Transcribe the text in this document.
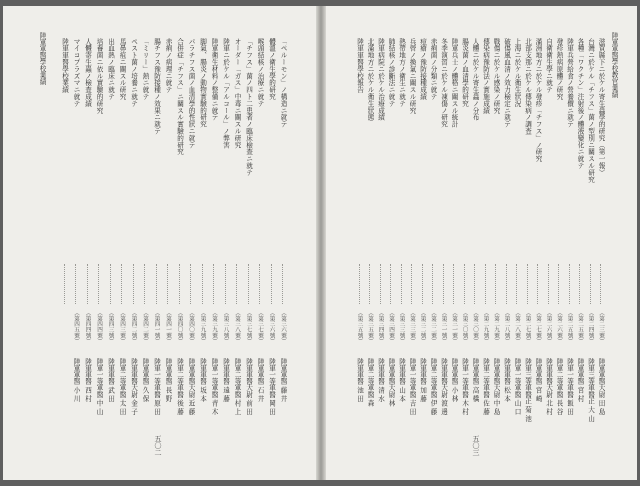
陸軍軍醫學校業績
五〇二
「ペルーモン」ノ構造ニ就テ
（第三六號）
陸軍軍醫 藤 井
體溫ノ衛生學的研究
（第三六號）
陸軍一等軍醫 岡 田
喉頭結核ノ治療ニ就テ
（第三七號）
陸軍軍醫 石 井
「チフス」菌ノ四ト二患者ノ臨床檢查ニ就テ
（第三七號）
陸軍軍醫大尉 前 田
オーダー「ガス」中毒ニ關スル研究
（第三八號）
陸軍二等軍醫 村 上
陸軍ニ於ケル「アルコール」ノ弊害
（第三八號）
陸軍軍醫 遠 藤
陸軍衛生材料ノ整備ニ就テ
（第三九號）
陸軍一等軍醫 青 木
脚氣、腸炎ノ動物實驗的研究
（第三九號）
陸軍軍醫 坂 本
パラチフス菌ノ血清學的性狀ニ就テ
（第四〇號）
陸軍軍醫大尉 近 藤
合併症「チフス」ニ關スル實驗的研究
（第四〇號）
陸軍二等軍醫 後 藤
赤痢ノ病理ニ就テ
（第四一號）
陸軍軍醫 長 野
腸チフス豫防接種ノ效果ニ就テ
（第四一號）
陸軍一等軍醫 原 田
「ミリー」熱ニ就テ
（第四二號）
陸軍軍醫 久 保
ペスト菌ノ培養ニ就テ
（第四二號）
陸軍軍醫大尉 金 子
馬鼻疽ニ關スル研究
（第四三號）
陸軍二等軍醫 太 田
出血熱ノ臨床ニ就テ
（第四三號）
陸軍軍醫 武 田
培養菌ニ依ル實驗的研究
（第四四號）
陸軍一等軍醫 中 山
人體寄生蟲ノ檢査成績
（第四四號）
陸軍軍醫 西 村
マイコプラズマニ就テ
（第四五號）
陸軍軍醫 小 川
陸軍軍醫學校業績	陸軍軍醫學校教官業績
五〇三
滋賀縣下ニ於ケル寄生蟲學的研究（第一報）
（第二三號）
陸軍軍醫大尉 田 島
台灣ニ於ケル「チフス」菌ノ型別ニ關スル研究
（第二四號）
陸軍三等軍醫正 大 山
各種「ワクチン」注射後ノ體液變化ニ就テ
（第二五號）
陸軍軍醫 宮 村
陸軍兵營給食ノ營養價ニ就テ
（第二五號）
陸軍一等軍醫 飯 田
發疹熱病原體ノ研究
（第二六號）
陸軍二等軍醫 長 谷
自衛衛生學ニ就テ
（第二六號）
陸軍軍醫大尉 北 村
滿洲地方ニ於ケル發疹「チフス」ノ研究
（第二七號）
陸軍軍醫 宮 崎
北部支那ニ於ケル傳染病ノ調査
（第二七號）
陸軍三等軍醫正 菊 池
上海ニ於ケル衛生狀況
（第二八號）
陸軍一等軍醫 山 口
破傷風血清ノ效力檢定ニ就テ
（第二八號）
陸軍軍醫 松 本
戰傷ニ於ケル感染ノ研究
（第二九號）
陸軍軍醫大尉 中 島
傳染病豫防法ノ實施成績
（第二九號）
陸軍二等軍醫 佐 藤
人體ニ於ケル寄生蟲ノ分布
（第三〇號）
陸軍軍醫 高 橋
腸炎菌ノ血清學的研究
（第三〇號）
陸軍一等軍醫 木 村
陸軍兵士ノ體格ニ關スル統計
（第三一號）
陸軍軍醫 小 林
冬季演習ニ於ケル凍傷ノ研究
（第三一號）
陸軍軍醫大尉 渡 邊
赤痢菌ノ分類ニ就テ
（第三二號）
陸軍二等軍醫 伊 藤
痘瘡ノ豫防接種成績
（第三二號）
陸軍軍醫 加 藤
兵營ノ換氣ニ關スル研究
（第三三號）
陸軍一等軍醫 吉 田
熱帶地方ノ衛生ニ就テ
（第三三號）
陸軍軍醫 山 本
肺結核ノ診斷法ニ就テ
（第三四號）
陸軍軍醫大尉 林
陸軍病院ニ於ケル治療成績
（第三四號）
陸軍軍醫 清 水
北滿地方ニ於ケル衛生狀態
（第三五號）
陸軍二等軍醫 森
陸軍軍醫學校報告
（第三五號）
陸軍軍醫 池 田
